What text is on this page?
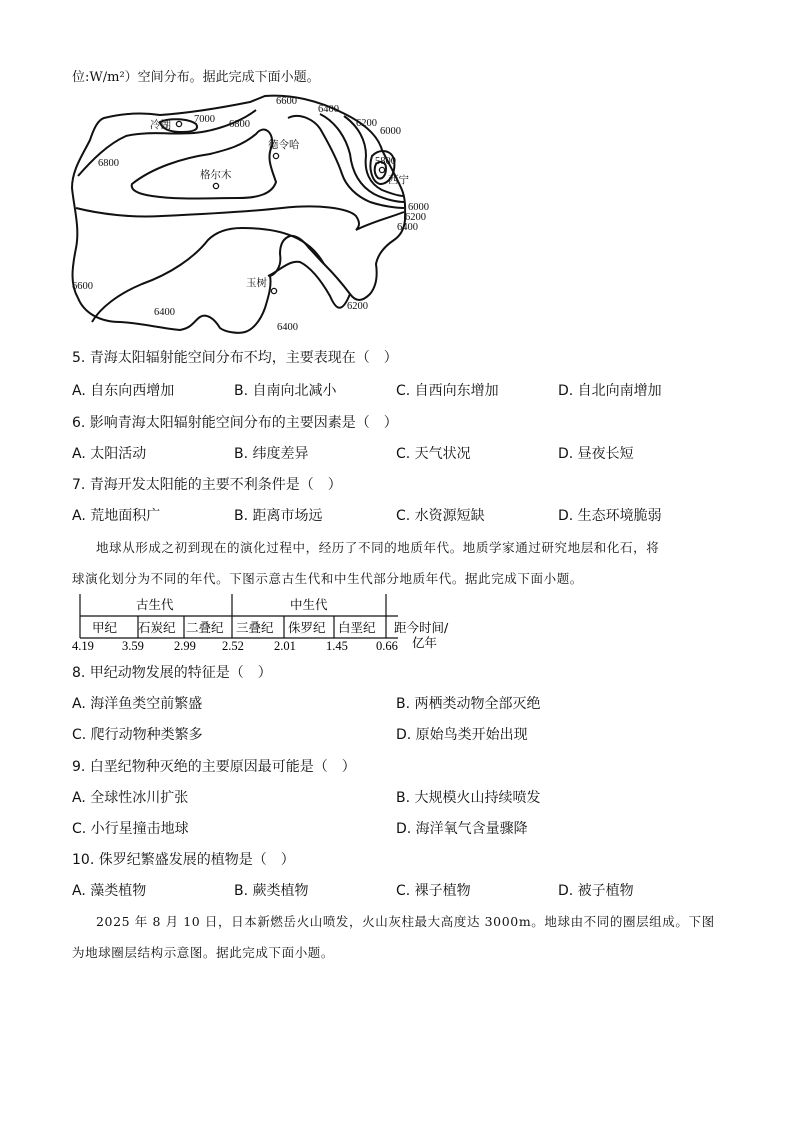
位:W/m²）空间分布。据此完成下面小题。
6600
6400
7000 6800	6200
6000
6800	5800
6000
6200
6400
6600
6400
6200
6400
冷湖
德令哈
格尔木	西宁
玉树
5. 青海太阳辐射能空间分布不均，主要表现在（　）
A. 自东向西增加	B. 自南向北减小	C. 自西向东增加	D. 自北向南增加
6. 影响青海太阳辐射能空间分布的主要因素是（　）
A. 太阳活动	B. 纬度差异	C. 天气状况	D. 昼夜长短
7. 青海开发太阳能的主要不利条件是（　）
A. 荒地面积广	B. 距离市场远	C. 水资源短缺	D. 生态环境脆弱
地球从形成之初到现在的演化过程中，经历了不同的地质年代。地质学家通过研究地层和化石，将
球演化划分为不同的年代。下图示意古生代和中生代部分地质年代。据此完成下面小题。
古生代	中生代
甲纪 石炭纪 二叠纪 三叠纪 侏罗纪 白垩纪
4.19 3.59 2.99 2.52 2.01 1.45 0.66
距今时间/
亿年
8. 甲纪动物发展的特征是（　）
A. 海洋鱼类空前繁盛	B. 两栖类动物全部灭绝
C. 爬行动物种类繁多	D. 原始鸟类开始出现
9. 白垩纪物种灭绝的主要原因最可能是（　）
A. 全球性冰川扩张	B. 大规模火山持续喷发
C. 小行星撞击地球	D. 海洋氧气含量骤降
10. 侏罗纪繁盛发展的植物是（　）
A. 藻类植物	B. 蕨类植物	C. 裸子植物	D. 被子植物
2025 年 8 月 10 日，日本新燃岳火山喷发，火山灰柱最大高度达 3000m。地球由不同的圈层组成。下图
为地球圈层结构示意图。据此完成下面小题。
